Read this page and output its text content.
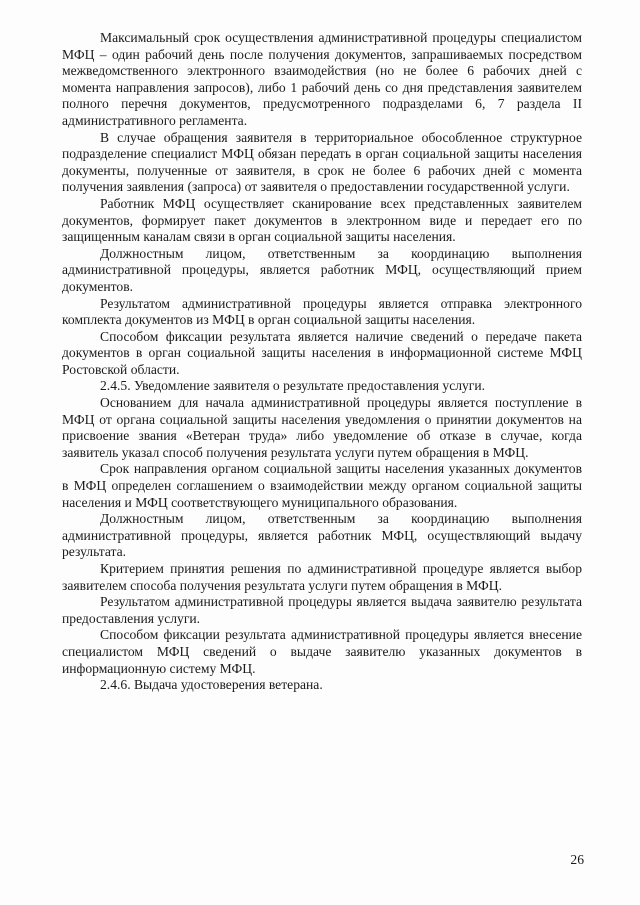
Максимальный срок осуществления административной процедуры специалистом МФЦ – один рабочий день после получения документов, запрашиваемых посредством межведомственного электронного взаимодействия (но не более 6 рабочих дней с момента направления запросов), либо 1 рабочий день со дня представления заявителем полного перечня документов, предусмотренного подразделами 6, 7 раздела II административного регламента.

В случае обращения заявителя в территориальное обособленное структурное подразделение специалист МФЦ обязан передать в орган социальной защиты населения документы, полученные от заявителя, в срок не более 6 рабочих дней с момента получения заявления (запроса) от заявителя о предоставлении государственной услуги.

Работник МФЦ осуществляет сканирование всех представленных заявителем документов, формирует пакет документов в электронном виде и передает его по защищенным каналам связи в орган социальной защиты населения.

Должностным лицом, ответственным за координацию выполнения административной процедуры, является работник МФЦ, осуществляющий прием документов.

Результатом административной процедуры является отправка электронного комплекта документов из МФЦ в орган социальной защиты населения.

Способом фиксации результата является наличие сведений о передаче пакета документов в орган социальной защиты населения в информационной системе МФЦ Ростовской области.

2.4.5. Уведомление заявителя о результате предоставления услуги.

Основанием для начала административной процедуры является поступление в МФЦ от органа социальной защиты населения уведомления о принятии документов на присвоение звания «Ветеран труда» либо уведомление об отказе в случае, когда заявитель указал способ получения результата услуги путем обращения в МФЦ.

Срок направления органом социальной защиты населения указанных документов в МФЦ определен соглашением о взаимодействии между органом социальной защиты населения и МФЦ соответствующего муниципального образования.

Должностным лицом, ответственным за координацию выполнения административной процедуры, является работник МФЦ, осуществляющий выдачу результата.

Критерием принятия решения по административной процедуре является выбор заявителем способа получения результата услуги путем обращения в МФЦ.

Результатом административной процедуры является выдача заявителю результата предоставления услуги.

Способом фиксации результата административной процедуры является внесение специалистом МФЦ сведений о выдаче заявителю указанных документов в информационную систему МФЦ.

2.4.6. Выдача удостоверения ветерана.

26
